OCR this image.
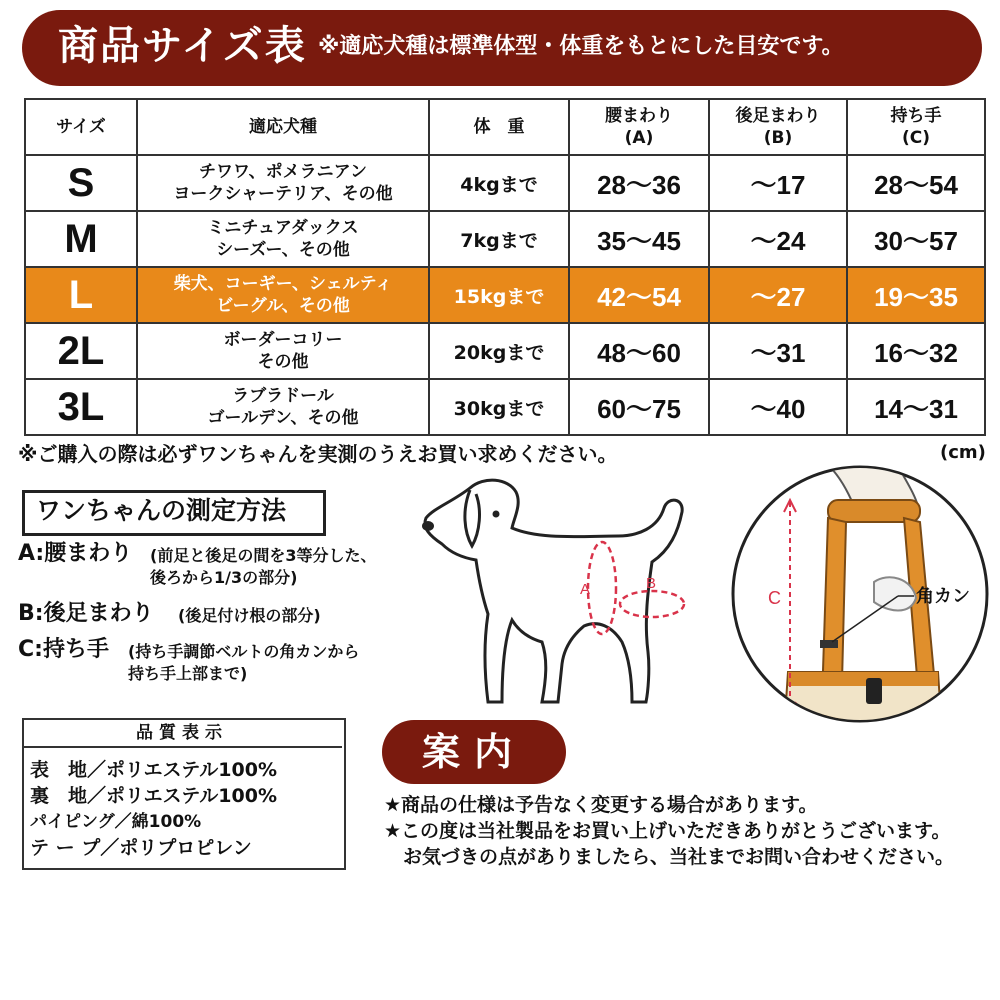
商品サイズ表 ※適応犬種は標準体型・体重をもとにした目安です。
サイズ	適応犬種	体　重	腰まわり
(A)	後足まわり
(B)	持ち手
(C)
S	チワワ、ポメラニアン
ヨークシャーテリア、その他	4kgまで	28〜36	〜17	28〜54
M	ミニチュアダックス
シーズー、その他	7kgまで	35〜45	〜24	30〜57
L	柴犬、コーギー、シェルティ
ビーグル、その他	15kgまで	42〜54	〜27	19〜35
2L	ボーダーコリー
その他	20kgまで	48〜60	〜31	16〜32
3L	ラブラドール
ゴールデン、その他	30kgまで	60〜75	〜40	14〜31
※ご購入の際は必ずワンちゃんを実測のうえお買い求めください。	(cm)
ワンちゃんの測定方法
A:腰まわり (前足と後足の間を3等分した、
後ろから1/3の部分)
B:後足まわり (後足付け根の部分)
C:持ち手 (持ち手調節ベルトの角カンから
持ち手上部まで)
A	B
C	角カン
品質表示
表　地／ポリエステル100%
裏　地／ポリエステル100%
パイピング／綿100%
テ ー プ／ポリプロピレン
案内
★商品の仕様は予告なく変更する場合があります。
★この度は当社製品をお買い上げいただきありがとうございます。
　お気づきの点がありましたら、当社までお問い合わせください。
